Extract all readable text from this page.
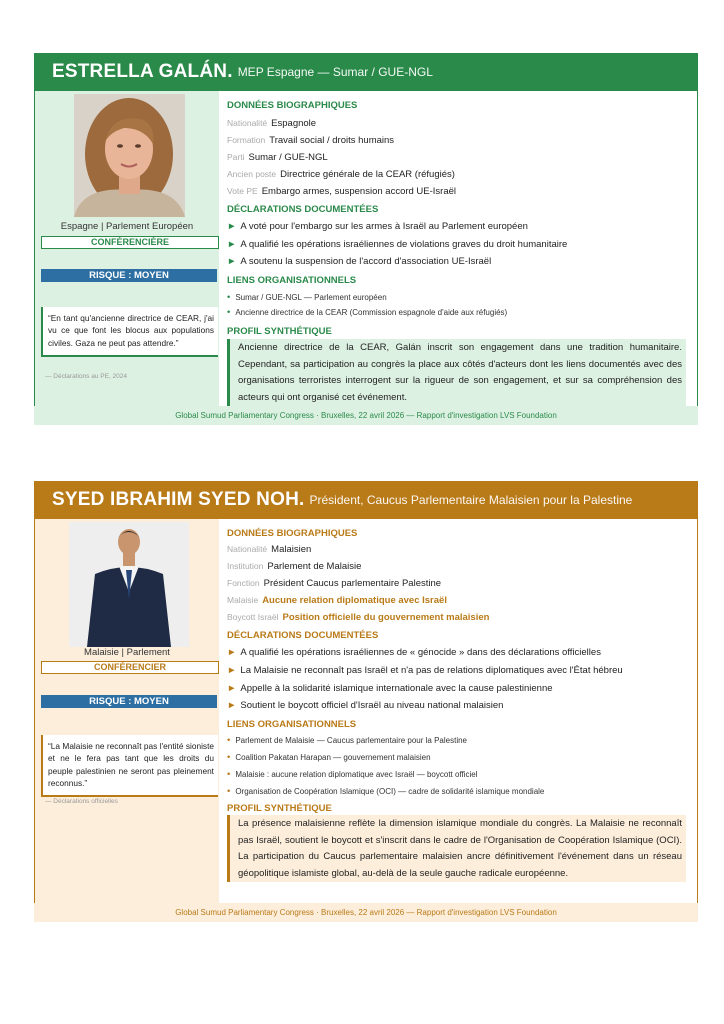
ESTRELLA GALÁN. MEP Espagne — Sumar / GUE-NGL
Espagne | Parlement Européen
CONFÉRENCIÈRE
RISQUE : MOYEN
“En tant qu'ancienne directrice de CEAR, j'ai vu ce que font les blocus aux populations civiles. Gaza ne peut pas attendre.”
— Déclarations au PE, 2024
DONNÉES BIOGRAPHIQUES
Nationalité Espagnole
Formation Travail social / droits humains
Parti Sumar / GUE-NGL
Ancien poste Directrice générale de la CEAR (réfugiés)
Vote PE Embargo armes, suspension accord UE-Israël
DÉCLARATIONS DOCUMENTÉES
► A voté pour l'embargo sur les armes à Israël au Parlement européen
► A qualifié les opérations israéliennes de violations graves du droit humanitaire
► A soutenu la suspension de l'accord d'association UE-Israël
LIENS ORGANISATIONNELS
• Sumar / GUE-NGL — Parlement européen
• Ancienne directrice de la CEAR (Commission espagnole d'aide aux réfugiés)
PROFIL SYNTHÉTIQUE
Ancienne directrice de la CEAR, Galán inscrit son engagement dans une tradition humanitaire. Cependant, sa participation au congrès la place aux côtés d'acteurs dont les liens documentés avec des organisations terroristes interrogent sur la rigueur de son engagement, et sur sa compréhension des acteurs qui ont organisé cet événement.
Global Sumud Parliamentary Congress · Bruxelles, 22 avril 2026 — Rapport d'investigation LVS Foundation
SYED IBRAHIM SYED NOH. Président, Caucus Parlementaire Malaisien pour la Palestine
Malaisie | Parlement
CONFÉRENCIER
RISQUE : MOYEN
“La Malaisie ne reconnaît pas l'entité sioniste et ne le fera pas tant que les droits du peuple palestinien ne seront pas pleinement reconnus.”
— Déclarations officielles
DONNÉES BIOGRAPHIQUES
Nationalité Malaisien
Institution Parlement de Malaisie
Fonction Président Caucus parlementaire Palestine
Malaisie Aucune relation diplomatique avec Israël
Boycott Israël Position officielle du gouvernement malaisien
DÉCLARATIONS DOCUMENTÉES
► A qualifié les opérations israéliennes de « génocide » dans des déclarations officielles
► La Malaisie ne reconnaît pas Israël et n'a pas de relations diplomatiques avec l'État hébreu
► Appelle à la solidarité islamique internationale avec la cause palestinienne
► Soutient le boycott officiel d'Israël au niveau national malaisien
LIENS ORGANISATIONNELS
• Parlement de Malaisie — Caucus parlementaire pour la Palestine
• Coalition Pakatan Harapan — gouvernement malaisien
• Malaisie : aucune relation diplomatique avec Israël — boycott officiel
• Organisation de Coopération Islamique (OCI) — cadre de solidarité islamique mondiale
PROFIL SYNTHÉTIQUE
La présence malaisienne reflète la dimension islamique mondiale du congrès. La Malaisie ne reconnaît pas Israël, soutient le boycott et s'inscrit dans le cadre de l'Organisation de Coopération Islamique (OCI). La participation du Caucus parlementaire malaisien ancre définitivement l'événement dans un réseau géopolitique islamiste global, au-delà de la seule gauche radicale européenne.
Global Sumud Parliamentary Congress · Bruxelles, 22 avril 2026 — Rapport d'investigation LVS Foundation
